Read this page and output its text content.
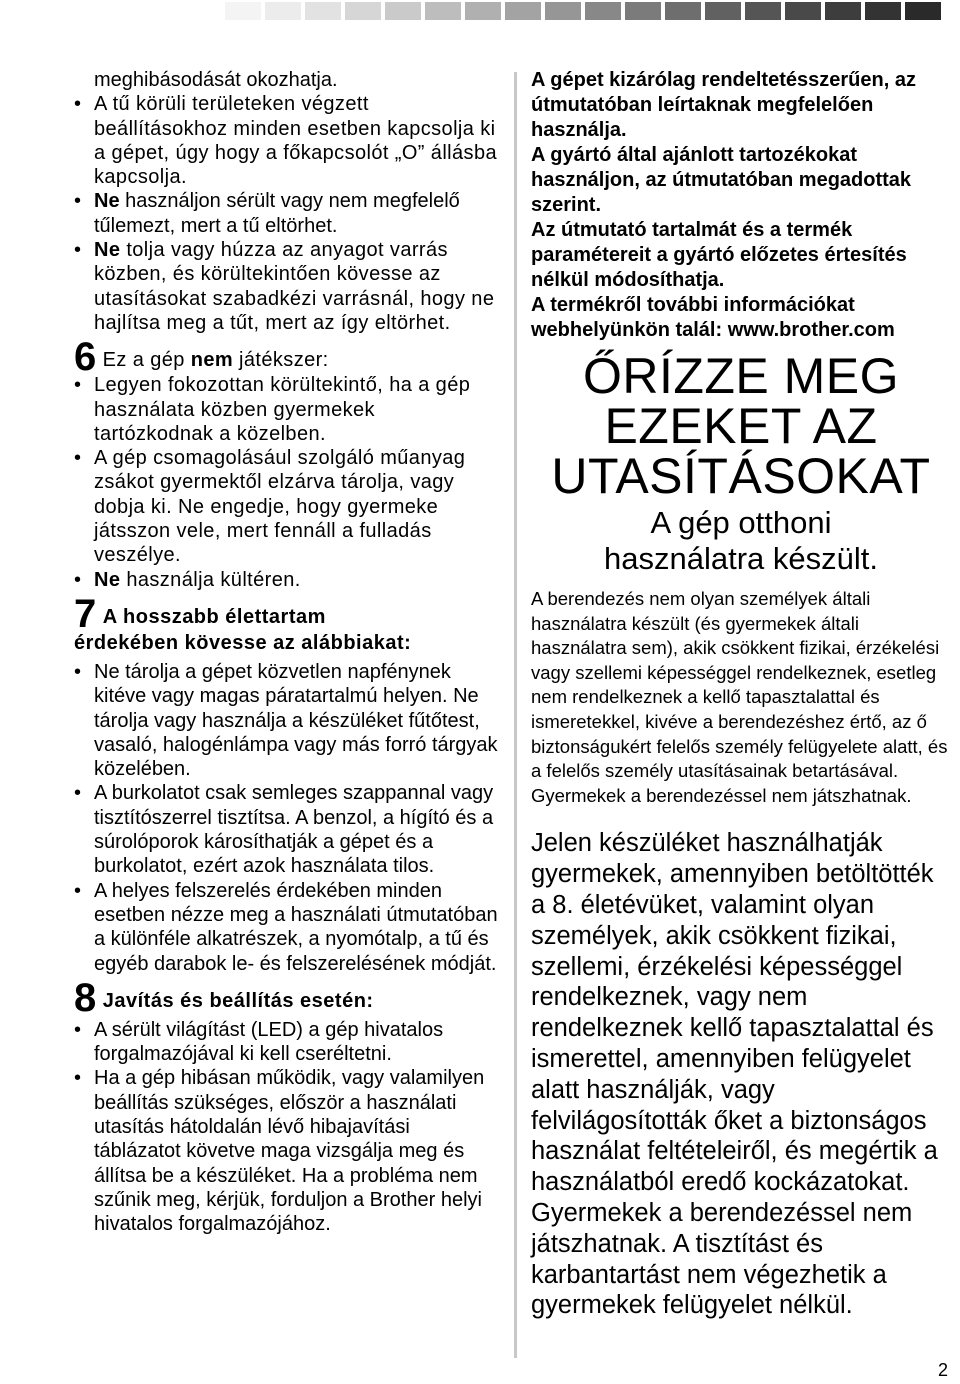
meghibásodását okozhatja.

• A tű körüli területeken végzett beállításokhoz minden esetben kapcsolja ki a gépet, úgy hogy a főkapcsolót „O” állásba kapcsolja.
• Ne használjon sérült vagy nem megfelelő tűlemezt, mert a tű eltörhet.
• Ne tolja vagy húzza az anyagot varrás közben, és körültekintően kövesse az utasításokat szabadkézi varrásnál, hogy ne hajlítsa meg a tűt, mert az így eltörhet.
6 Ez a gép nem játékszer:
• Legyen fokozottan körültekintő, ha a gép használata közben gyermekek tartózkodnak a közelben.
• A gép csomagolásául szolgáló műanyag zsákot gyermektől elzárva tárolja, vagy dobja ki. Ne engedje, hogy gyermeke játsszon vele, mert fennáll a fulladás veszélye.
• Ne használja kültéren.
7 A hosszabb élettartam
érdekében kövesse az alábbiakat:
• Ne tárolja a gépet közvetlen napfénynek kitéve vagy magas páratartalmú helyen. Ne tárolja vagy használja a készüléket fűtőtest, vasaló, halogénlámpa vagy más forró tárgyak közelében.
• A burkolatot csak semleges szappannal vagy tisztítószerrel tisztítsa. A benzol, a hígító és a súrolóporok károsíthatják a gépet és a burkolatot, ezért azok használata tilos.
• A helyes felszerelés érdekében minden esetben nézze meg a használati útmutatóban a különféle alkatrészek, a nyomótalp, a tű és egyéb darabok le- és felszerelésének módját.
8 Javítás és beállítás esetén:
• A sérült világítást (LED) a gép hivatalos forgalmazójával ki kell cseréltetni.
• Ha a gép hibásan működik, vagy valamilyen beállítás szükséges, először a használati utasítás hátoldalán lévő hibajavítási táblázatot követve maga vizsgálja meg és állítsa be a készüléket. Ha a probléma nem szűnik meg, kérjük, forduljon a Brother helyi hivatalos forgalmazójához.
A gépet kizárólag rendeltetésszerűen, az útmutatóban leírtaknak megfelelően használja.
A gyártó által ajánlott tartozékokat használjon, az útmutatóban megadottak szerint.
Az útmutató tartalmát és a termék paramétereit a gyártó előzetes értesítés nélkül módosíthatja.
A termékről további információkat webhelyünkön talál: www.brother.com
ŐRÍZZE MEG
EZEKET AZ
UTASÍTÁSOKAT
A gép otthoni
használatra készült.

A berendezés nem olyan személyek általi használatra készült (és gyermekek általi használatra sem), akik csökkent fizikai, érzékelési vagy szellemi képességgel rendelkeznek, esetleg nem rendelkeznek a kellő tapasztalattal és ismeretekkel, kivéve a berendezéshez értő, az ő biztonságukért felelős személy felügyelete alatt, és a felelős személy utasításainak betartásával. Gyermekek a berendezéssel nem játszhatnak.

Jelen készüléket használhatják gyermekek, amennyiben betöltötték a 8. életévüket, valamint olyan személyek, akik csökkent fizikai, szellemi, érzékelési képességgel rendelkeznek, vagy nem rendelkeznek kellő tapasztalattal és ismerettel, amennyiben felügyelet alatt használják, vagy felvilágosították őket a biztonságos használat feltételeiről, és megértik a használatból eredő kockázatokat. Gyermekek a berendezéssel nem játszhatnak. A tisztítást és karbantartást nem végezhetik a gyermekek felügyelet nélkül.

2
